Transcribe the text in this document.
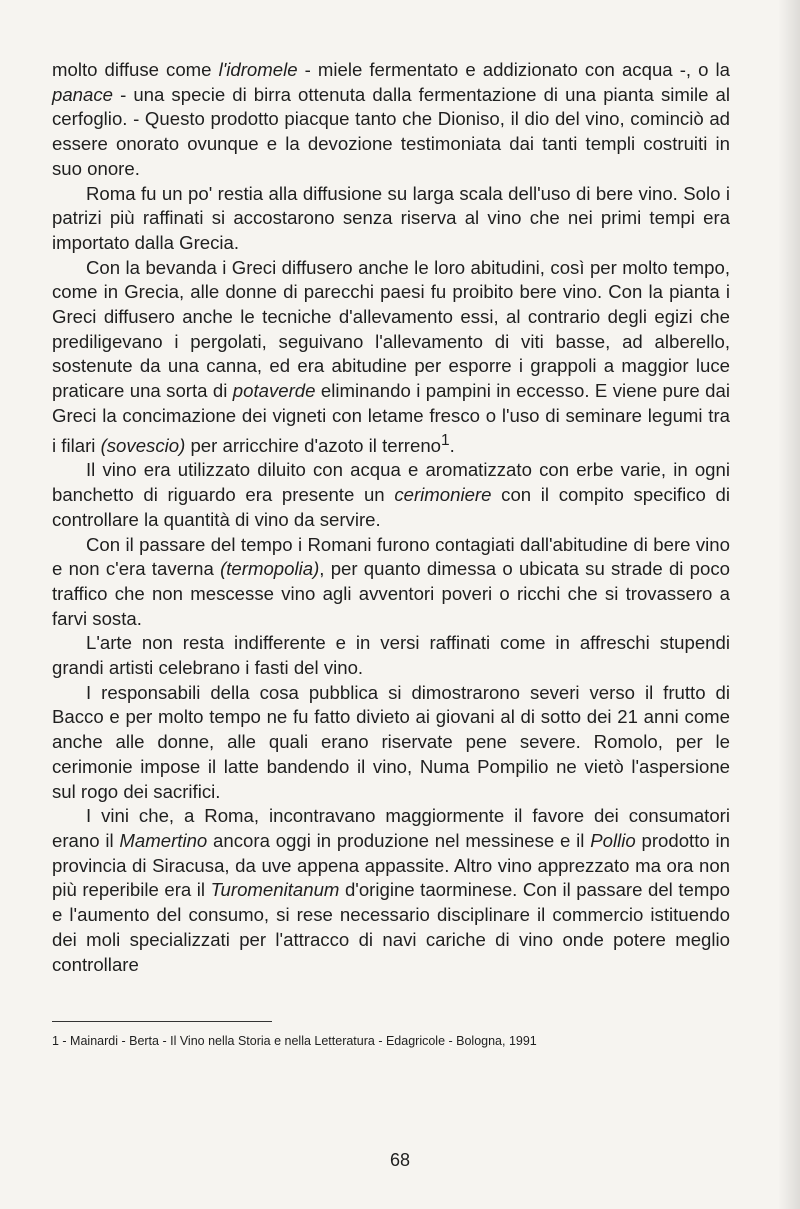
molto diffuse come l'idromele - miele fermentato e addizionato con acqua -, o la panace - una specie di birra ottenuta dalla fermentazione di una pianta simile al cerfoglio. - Questo prodotto piacque tanto che Dioniso, il dio del vino, cominciò ad essere onorato ovunque e la devozione testimoniata dai tanti templi costruiti in suo onore.

Roma fu un po' restia alla diffusione su larga scala dell'uso di bere vino. Solo i patrizi più raffinati si accostarono senza riserva al vino che nei primi tempi era importato dalla Grecia.

Con la bevanda i Greci diffusero anche le loro abitudini, così per molto tempo, come in Grecia, alle donne di parecchi paesi fu proibito bere vino. Con la pianta i Greci diffusero anche le tecniche d'allevamento essi, al contrario degli egizi che prediligevano i pergolati, seguivano l'allevamento di viti basse, ad alberello, sostenute da una canna, ed era abitudine per esporre i grappoli a maggior luce praticare una sorta di potaverde eliminando i pampini in eccesso. E viene pure dai Greci la concimazione dei vigneti con letame fresco o l'uso di seminare legumi tra i filari (sovescio) per arricchire d'azoto il terreno$^1$.

Il vino era utilizzato diluito con acqua e aromatizzato con erbe varie, in ogni banchetto di riguardo era presente un cerimoniere con il compito specifico di controllare la quantità di vino da servire.

Con il passare del tempo i Romani furono contagiati dall'abitudine di bere vino e non c'era taverna (termopolia), per quanto dimessa o ubicata su strade di poco traffico che non mescesse vino agli avventori poveri o ricchi che si trovassero a farvi sosta.

L'arte non resta indifferente e in versi raffinati come in affreschi stupendi grandi artisti celebrano i fasti del vino.

I responsabili della cosa pubblica si dimostrarono severi verso il frutto di Bacco e per molto tempo ne fu fatto divieto ai giovani al di sotto dei 21 anni come anche alle donne, alle quali erano riservate pene severe. Romolo, per le cerimonie impose il latte bandendo il vino, Numa Pompilio ne vietò l'aspersione sul rogo dei sacrifici.

I vini che, a Roma, incontravano maggiormente il favore dei consumatori erano il Mamertino ancora oggi in produzione nel messinese e il Pollio prodotto in provincia di Siracusa, da uve appena appassite. Altro vino apprezzato ma ora non più reperibile era il Turomenitanum d'origine taorminese. Con il passare del tempo e l'aumento del consumo, si rese necessario disciplinare il commercio istituendo dei moli specializzati per l'attracco di navi cariche di vino onde potere meglio controllare

1 - Mainardi - Berta - Il Vino nella Storia e nella Letteratura - Edagricole - Bologna, 1991

68
